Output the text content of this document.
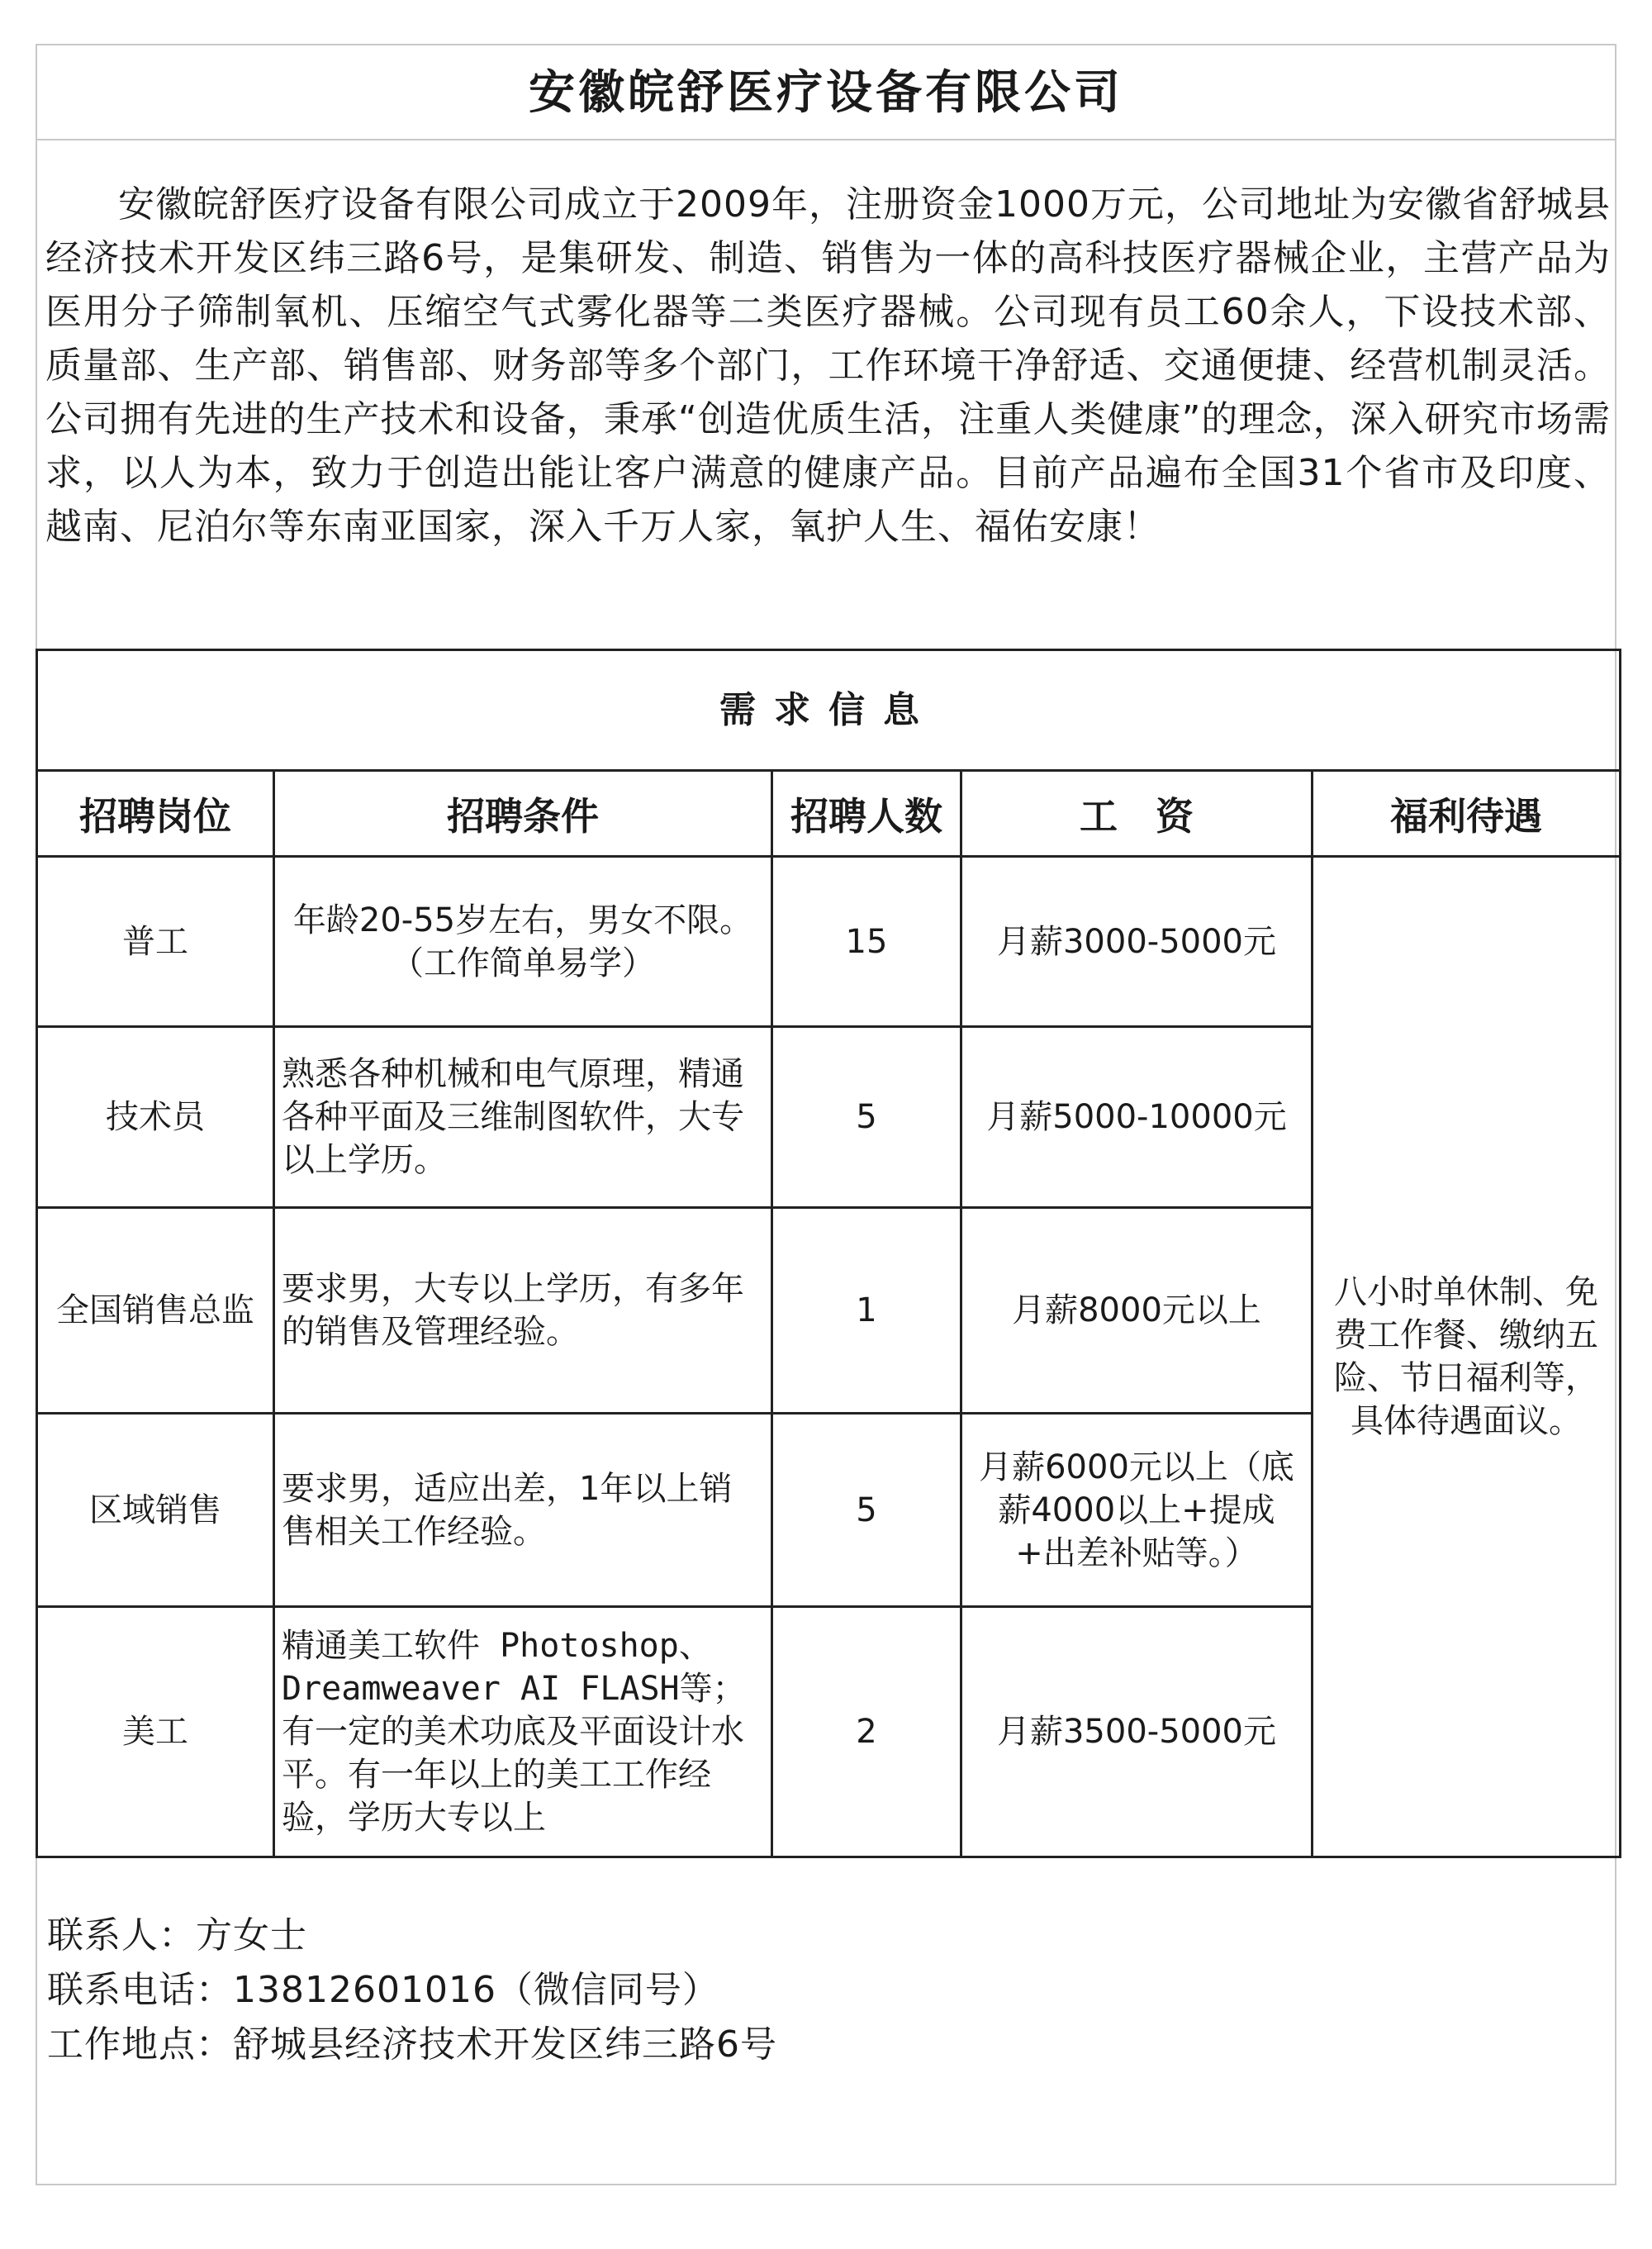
安徽皖舒医疗设备有限公司
安徽皖舒医疗设备有限公司成立于2009年，注册资金1000万元，公司地址为安徽省舒城县经济技术开发区纬三路6号，是集研发、制造、销售为一体的高科技医疗器械企业，主营产品为医用分子筛制氧机、压缩空气式雾化器等二类医疗器械。公司现有员工60余人，下设技术部、质量部、生产部、销售部、财务部等多个部门，工作环境干净舒适、交通便捷、经营机制灵活。公司拥有先进的生产技术和设备，秉承“创造优质生活，注重人类健康”的理念，深入研究市场需求，以人为本，致力于创造出能让客户满意的健康产品。目前产品遍布全国31个省市及印度、越南、尼泊尔等东南亚国家，深入千万人家，氧护人生、福佑安康！
需求信息				
招聘岗位	招聘条件	招聘人数	工　资	福利待遇
普工	年龄20-55岁左右，男女不限。（工作简单易学）	15	月薪3000-5000元	八小时单休制、免费工作餐、缴纳五险、节日福利等，具体待遇面议。
技术员	熟悉各种机械和电气原理，精通各种平面及三维制图软件，大专以上学历。	5	月薪5000-10000元	
全国销售总监	要求男，大专以上学历，有多年的销售及管理经验。	1	月薪8000元以上	
区域销售	要求男，适应出差，1年以上销售相关工作经验。	5	月薪6000元以上（底薪4000以上+提成+出差补贴等。）	
美工	精通美工软件 Photoshop、Dreamweaver AI FLASH等；有一定的美术功底及平面设计水平。有一年以上的美工工作经验，学历大专以上	2	月薪3500-5000元	
联系人：方女士
联系电话：13812601016（微信同号）
工作地点：舒城县经济技术开发区纬三路6号
